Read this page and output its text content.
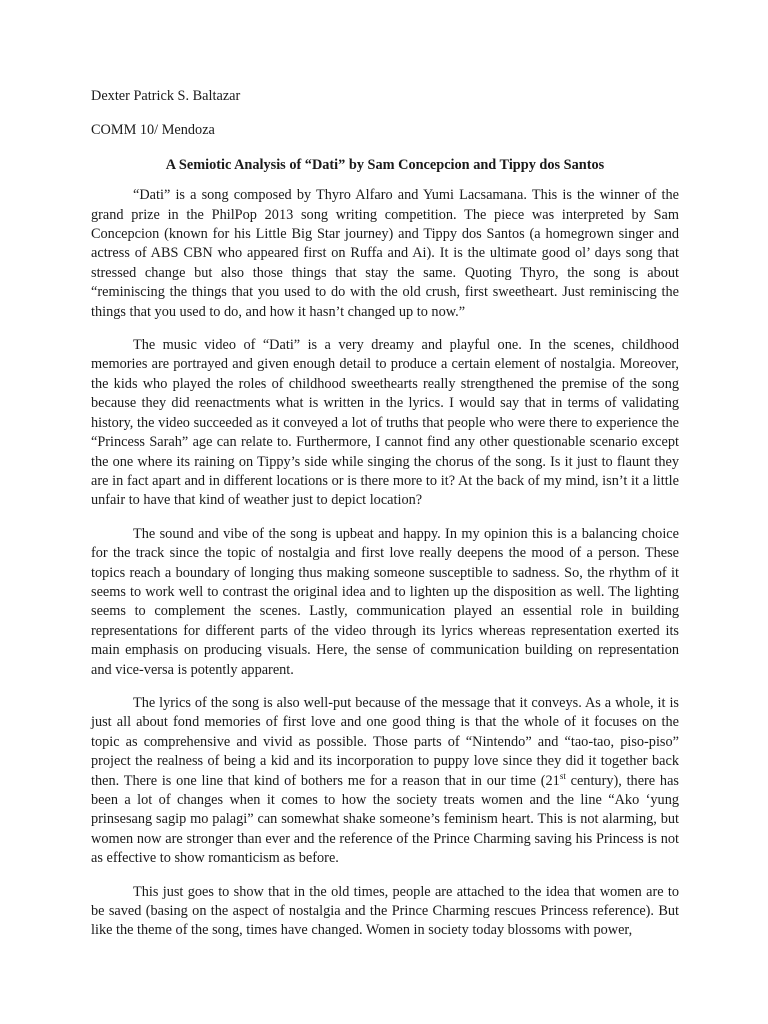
Dexter Patrick S. Baltazar
COMM 10/ Mendoza
A Semiotic Analysis of “Dati” by Sam Concepcion and Tippy dos Santos

“Dati” is a song composed by Thyro Alfaro and Yumi Lacsamana. This is the winner of the grand prize in the PhilPop 2013 song writing competition. The piece was interpreted by Sam Concepcion (known for his Little Big Star journey) and Tippy dos Santos (a homegrown singer and actress of ABS CBN who appeared first on Ruffa and Ai). It is the ultimate good ol’ days song that stressed change but also those things that stay the same. Quoting Thyro, the song is about “reminiscing the things that you used to do with the old crush, first sweetheart. Just reminiscing the things that you used to do, and how it hasn’t changed up to now.”

The music video of “Dati” is a very dreamy and playful one. In the scenes, childhood memories are portrayed and given enough detail to produce a certain element of nostalgia. Moreover, the kids who played the roles of childhood sweethearts really strengthened the premise of the song because they did reenactments what is written in the lyrics. I would say that in terms of validating history, the video succeeded as it conveyed a lot of truths that people who were there to experience the “Princess Sarah” age can relate to. Furthermore, I cannot find any other questionable scenario except the one where its raining on Tippy’s side while singing the chorus of the song. Is it just to flaunt they are in fact apart and in different locations or is there more to it? At the back of my mind, isn’t it a little unfair to have that kind of weather just to depict location?

The sound and vibe of the song is upbeat and happy. In my opinion this is a balancing choice for the track since the topic of nostalgia and first love really deepens the mood of a person. These topics reach a boundary of longing thus making someone susceptible to sadness. So, the rhythm of it seems to work well to contrast the original idea and to lighten up the disposition as well. The lighting seems to complement the scenes. Lastly, communication played an essential role in building representations for different parts of the video through its lyrics whereas representation exerted its main emphasis on producing visuals. Here, the sense of communication building on representation and vice-versa is potently apparent.

The lyrics of the song is also well-put because of the message that it conveys. As a whole, it is just all about fond memories of first love and one good thing is that the whole of it focuses on the topic as comprehensive and vivid as possible. Those parts of “Nintendo” and “tao-tao, piso-piso” project the realness of being a kid and its incorporation to puppy love since they did it together back then. There is one line that kind of bothers me for a reason that in our time (21st century), there has been a lot of changes when it comes to how the society treats women and the line “Ako ‘yung prinsesang sagip mo palagi” can somewhat shake someone’s feminism heart. This is not alarming, but women now are stronger than ever and the reference of the Prince Charming saving his Princess is not as effective to show romanticism as before.

This just goes to show that in the old times, people are attached to the idea that women are to be saved (basing on the aspect of nostalgia and the Prince Charming rescues Princess reference). But like the theme of the song, times have changed. Women in society today blossoms with power,
